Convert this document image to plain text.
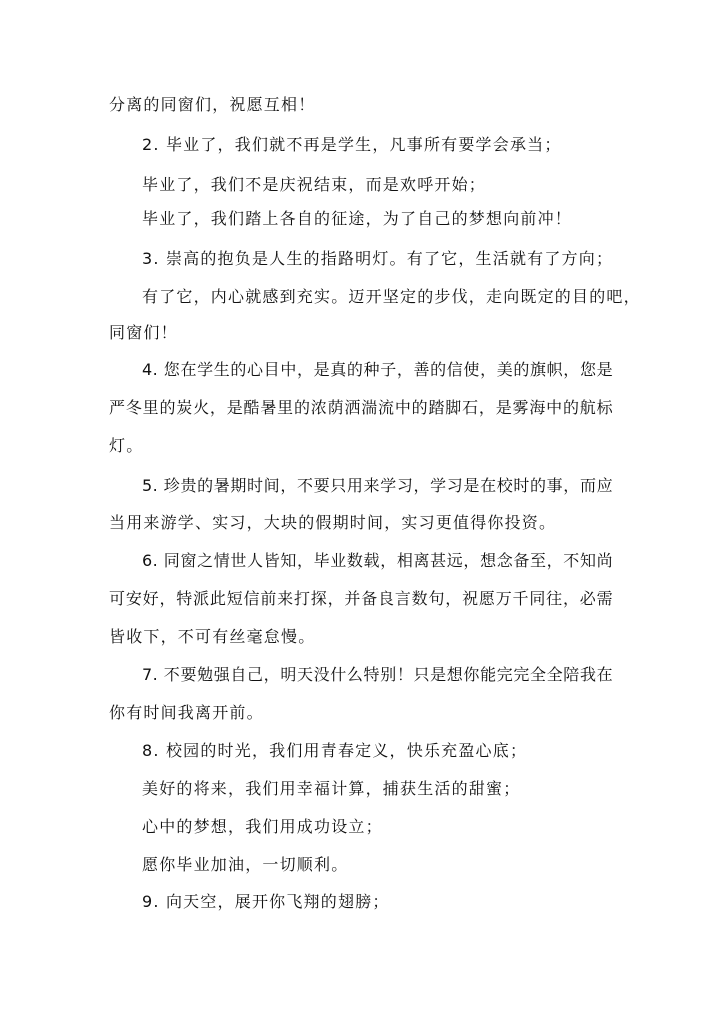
分离的同窗们，祝愿互相！
2. 毕业了，我们就不再是学生，凡事所有要学会承当；
毕业了，我们不是庆祝结束，而是欢呼开始；
毕业了，我们踏上各自的征途，为了自己的梦想向前冲！
3. 崇高的抱负是人生的指路明灯。有了它，生活就有了方向；
有了它，内心就感到充实。迈开坚定的步伐，走向既定的目的吧，
同窗们！
4. 您在学生的心目中，是真的种子，善的信使，美的旗帜，您是
严冬里的炭火，是酷暑里的浓荫洒湍流中的踏脚石，是雾海中的航标
灯。
5. 珍贵的暑期时间，不要只用来学习，学习是在校时的事，而应
当用来游学、实习，大块的假期时间，实习更值得你投资。
6. 同窗之情世人皆知，毕业数载，相离甚远，想念备至，不知尚
可安好，特派此短信前来打探，并备良言数句，祝愿万千同往，必需
皆收下，不可有丝毫怠慢。
7. 不要勉强自己，明天没什么特别！只是想你能完完全全陪我在
你有时间我离开前。
8. 校园的时光，我们用青春定义，快乐充盈心底；
美好的将来，我们用幸福计算，捕获生活的甜蜜；
心中的梦想，我们用成功设立；
愿你毕业加油，一切顺利。
9. 向天空，展开你飞翔的翅膀；
